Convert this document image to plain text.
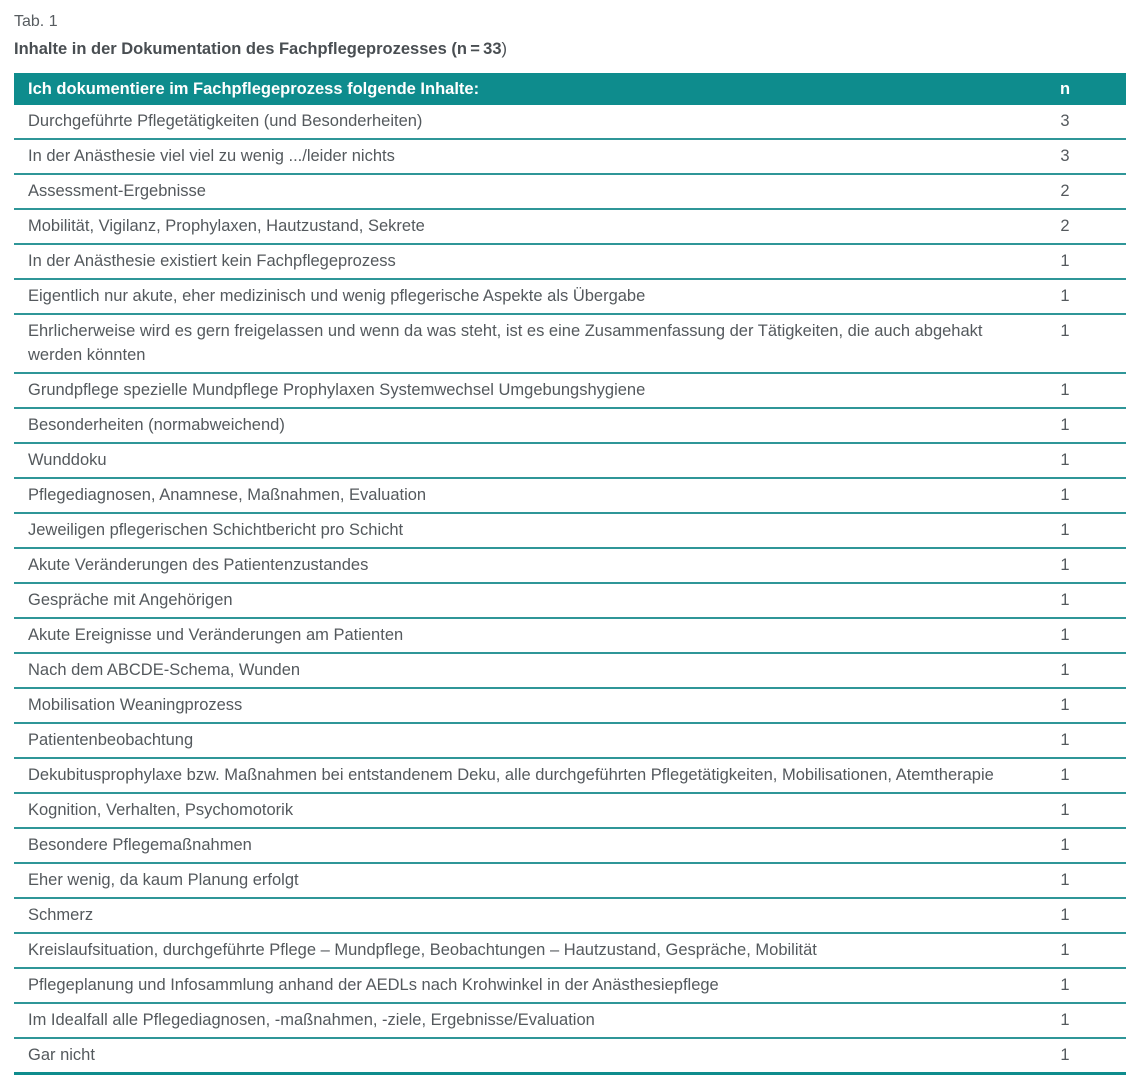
Tab. 1

Inhalte in der Dokumentation des Fachpflegeprozesses (n = 33)

Ich dokumentiere im Fachpflegeprozess folgende Inhalte:	n
Durchgeführte Pflegetätigkeiten (und Besonderheiten)	3
In der Anästhesie viel viel zu wenig .../leider nichts	3
Assessment-Ergebnisse	2
Mobilität, Vigilanz, Prophylaxen, Hautzustand, Sekrete	2
In der Anästhesie existiert kein Fachpflegeprozess	1
Eigentlich nur akute, eher medizinisch und wenig pflegerische Aspekte als Übergabe	1
Ehrlicherweise wird es gern freigelassen und wenn da was steht, ist es eine Zusammenfassung der Tätigkeiten, die auch abgehakt werden könnten	1
Grundpflege spezielle Mundpflege Prophylaxen Systemwechsel Umgebungshygiene	1
Besonderheiten (normabweichend)	1
Wunddoku	1
Pflegediagnosen, Anamnese, Maßnahmen, Evaluation	1
Jeweiligen pflegerischen Schichtbericht pro Schicht	1
Akute Veränderungen des Patientenzustandes	1
Gespräche mit Angehörigen	1
Akute Ereignisse und Veränderungen am Patienten	1
Nach dem ABCDE-Schema, Wunden	1
Mobilisation Weaningprozess	1
Patientenbeobachtung	1
Dekubitusprophylaxe bzw. Maßnahmen bei entstandenem Deku, alle durchgeführten Pflegetätigkeiten, Mobilisationen, Atemtherapie	1
Kognition, Verhalten, Psychomotorik	1
Besondere Pflegemaßnahmen	1
Eher wenig, da kaum Planung erfolgt	1
Schmerz	1
Kreislaufsituation, durchgeführte Pflege – Mundpflege, Beobachtungen – Hautzustand, Gespräche, Mobilität	1
Pflegeplanung und Infosammlung anhand der AEDLs nach Krohwinkel in der Anästhesiepflege	1
Im Idealfall alle Pflegediagnosen, -maßnahmen, -ziele, Ergebnisse/Evaluation	1
Gar nicht	1
